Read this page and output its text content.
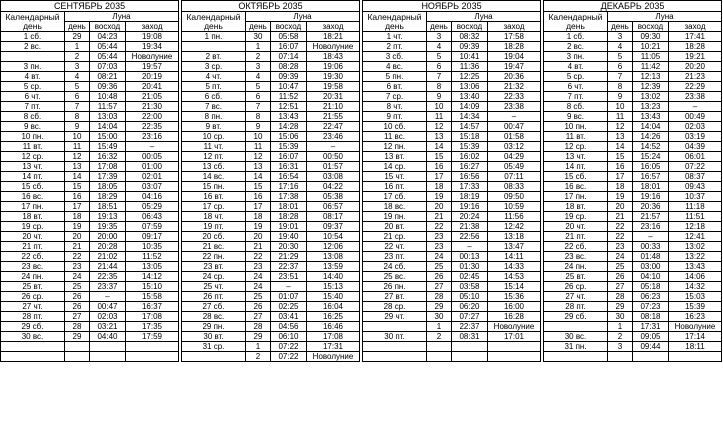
СЕНТЯБРЬ 2035			
Календарный день	Луна		
	день	восход	заход
1 сб.	29	04:23	19:08
2 вс.	1	05:44	19:34
	2	05:44	Новолуние
3 пн.	3	07:03	19:57
4 вт.	4	08:21	20:19
5 ср.	5	09:36	20:41
6 чт.	6	10:48	21:05
7 пт.	7	11:57	21:30
8 сб.	8	13:03	22:00
9 вс.	9	14:04	22:35
10 пн.	10	15:00	23:16
11 вт.	11	15:49	–
12 ср.	12	16:32	00:05
13 чт.	13	17:08	01:00
14 пт.	14	17:39	02:01
15 сб.	15	18:05	03:07
16 вс.	16	18:29	04:16
17 пн.	17	18:51	05:29
18 вт.	18	19:13	06:43
19 ср.	19	19:35	07:59
20 чт.	20	20:00	09:17
21 пт.	21	20:28	10:35
22 сб.	22	21:02	11:52
23 вс.	23	21:44	13:05
24 пн.	24	22:35	14:12
25 вт.	25	23:37	15:10
26 ср.	26	–	15:58
27 чт.	26	00:47	16:37
28 пт.	27	02:03	17:08
29 сб.	28	03:21	17:35
30 вс.	29	04:40	17:59

ОКТЯБРЬ 2035			
Календарный день	Луна		
	день	восход	заход
1 пн.	30	05:58	18:21
	1	16:07	Новолуние
2 вт.	2	07:14	18:43
3 ср.	3	08:28	19:06
4 чт.	4	09:39	19:30
5 пт.	5	10:47	19:58
6 сб.	6	11:52	20:31
7 вс.	7	12:51	21:10
8 пн.	8	13:43	21:55
9 вт.	9	14:28	22:47
10 ср.	10	15:06	23:46
11 чт.	11	15:39	–
12 пт.	12	16:07	00:50
13 сб.	13	16:31	01:57
14 вс.	14	16:54	03:08
15 пн.	15	17:16	04:22
16 вт.	16	17:38	05:38
17 ср.	17	18:01	06:57
18 чт.	18	18:28	08:17
19 пт.	19	19:01	09:37
20 сб.	20	19:40	10:54
21 вс.	21	20:30	12:06
22 пн.	22	21:29	13:08
23 вт.	23	22:37	13:59
24 ср.	24	23:51	14:40
25 чт.	24	–	15:13
26 пт.	25	01:07	15:40
27 сб.	26	02:25	16:04
28 вс.	27	03:41	16:25
29 пн.	28	04:56	16:46
30 вт.	29	06:10	17:08
31 ср.	1	07:22	17:31
	2	07:22	Новолуние
НОЯБРЬ 2035			
Календарный день	Луна		
	день	восход	заход
1 чт.	3	08:32	17:58
2 пт.	4	09:39	18:28
3 сб.	5	10:41	19:04
4 вс.	6	11:36	19:47
5 пн.	7	12:25	20:36
6 вт.	8	13:06	21:32
7 ср.	9	13:40	22:33
8 чт.	10	14:09	23:38
9 пт.	11	14:34	–
10 сб.	12	14:57	00:47
11 вс.	13	15:18	01:58
12 пн.	14	15:39	03:12
13 вт.	15	16:02	04:29
14 ср.	16	16:27	05:49
15 чт.	17	16:56	07:11
16 пт.	18	17:33	08:33
17 сб.	19	18:19	09:50
18 вс.	20	19:16	10:59
19 пн.	21	20:24	11:56
20 вт.	22	21:38	12:42
21 ср.	23	22:56	13:18
22 чт.	23	–	13:47
23 пт.	24	00:13	14:11
24 сб.	25	01:30	14:33
25 вс.	26	02:45	14:53
26 пн.	27	03:58	15:14
27 вт.	28	05:10	15:36
28 ср.	29	06:20	16:00
29 чт.	30	07:27	16:28
	1	22:37	Новолуние
30 пт.	2	08:31	17:01

ДЕКАБРЬ 2035			
Календарный день	Луна		
	день	восход	заход
1 сб.	3	09:30	17:41
2 вс.	4	10:21	18:28
3 пн.	5	11:05	19:21
4 вт.	6	11:42	20:20
5 ср.	7	12:13	21:23
6 чт.	8	12:39	22:29
7 пт.	9	13:02	23:38
8 сб.	10	13:23	–
9 вс.	11	13:43	00:49
10 пн.	12	14:04	02:03
11 вт.	13	14:26	03:19
12 ср.	14	14:52	04:39
13 чт.	15	15:24	06:01
14 пт.	16	16:05	07:22
15 сб.	17	16:57	08:37
16 вс.	18	18:01	09:43
17 пн.	19	19:16	10:37
18 вт.	20	20:36	11:18
19 ср.	21	21:57	11:51
20 чт.	22	23:16	12:18
21 пт.	22	–	12:41
22 сб.	23	00:33	13:02
23 вс.	24	01:48	13:22
24 пн.	25	03:00	13:43
25 вт.	26	04:10	14:06
26 ср.	27	05:18	14:32
27 чт.	28	06:23	15:03
28 пт.	29	07:23	15:39
29 сб.	30	08:18	16:23
	1	17:31	Новолуние
30 вс.	2	09:05	17:14
31 пн.	3	09:44	18:11
